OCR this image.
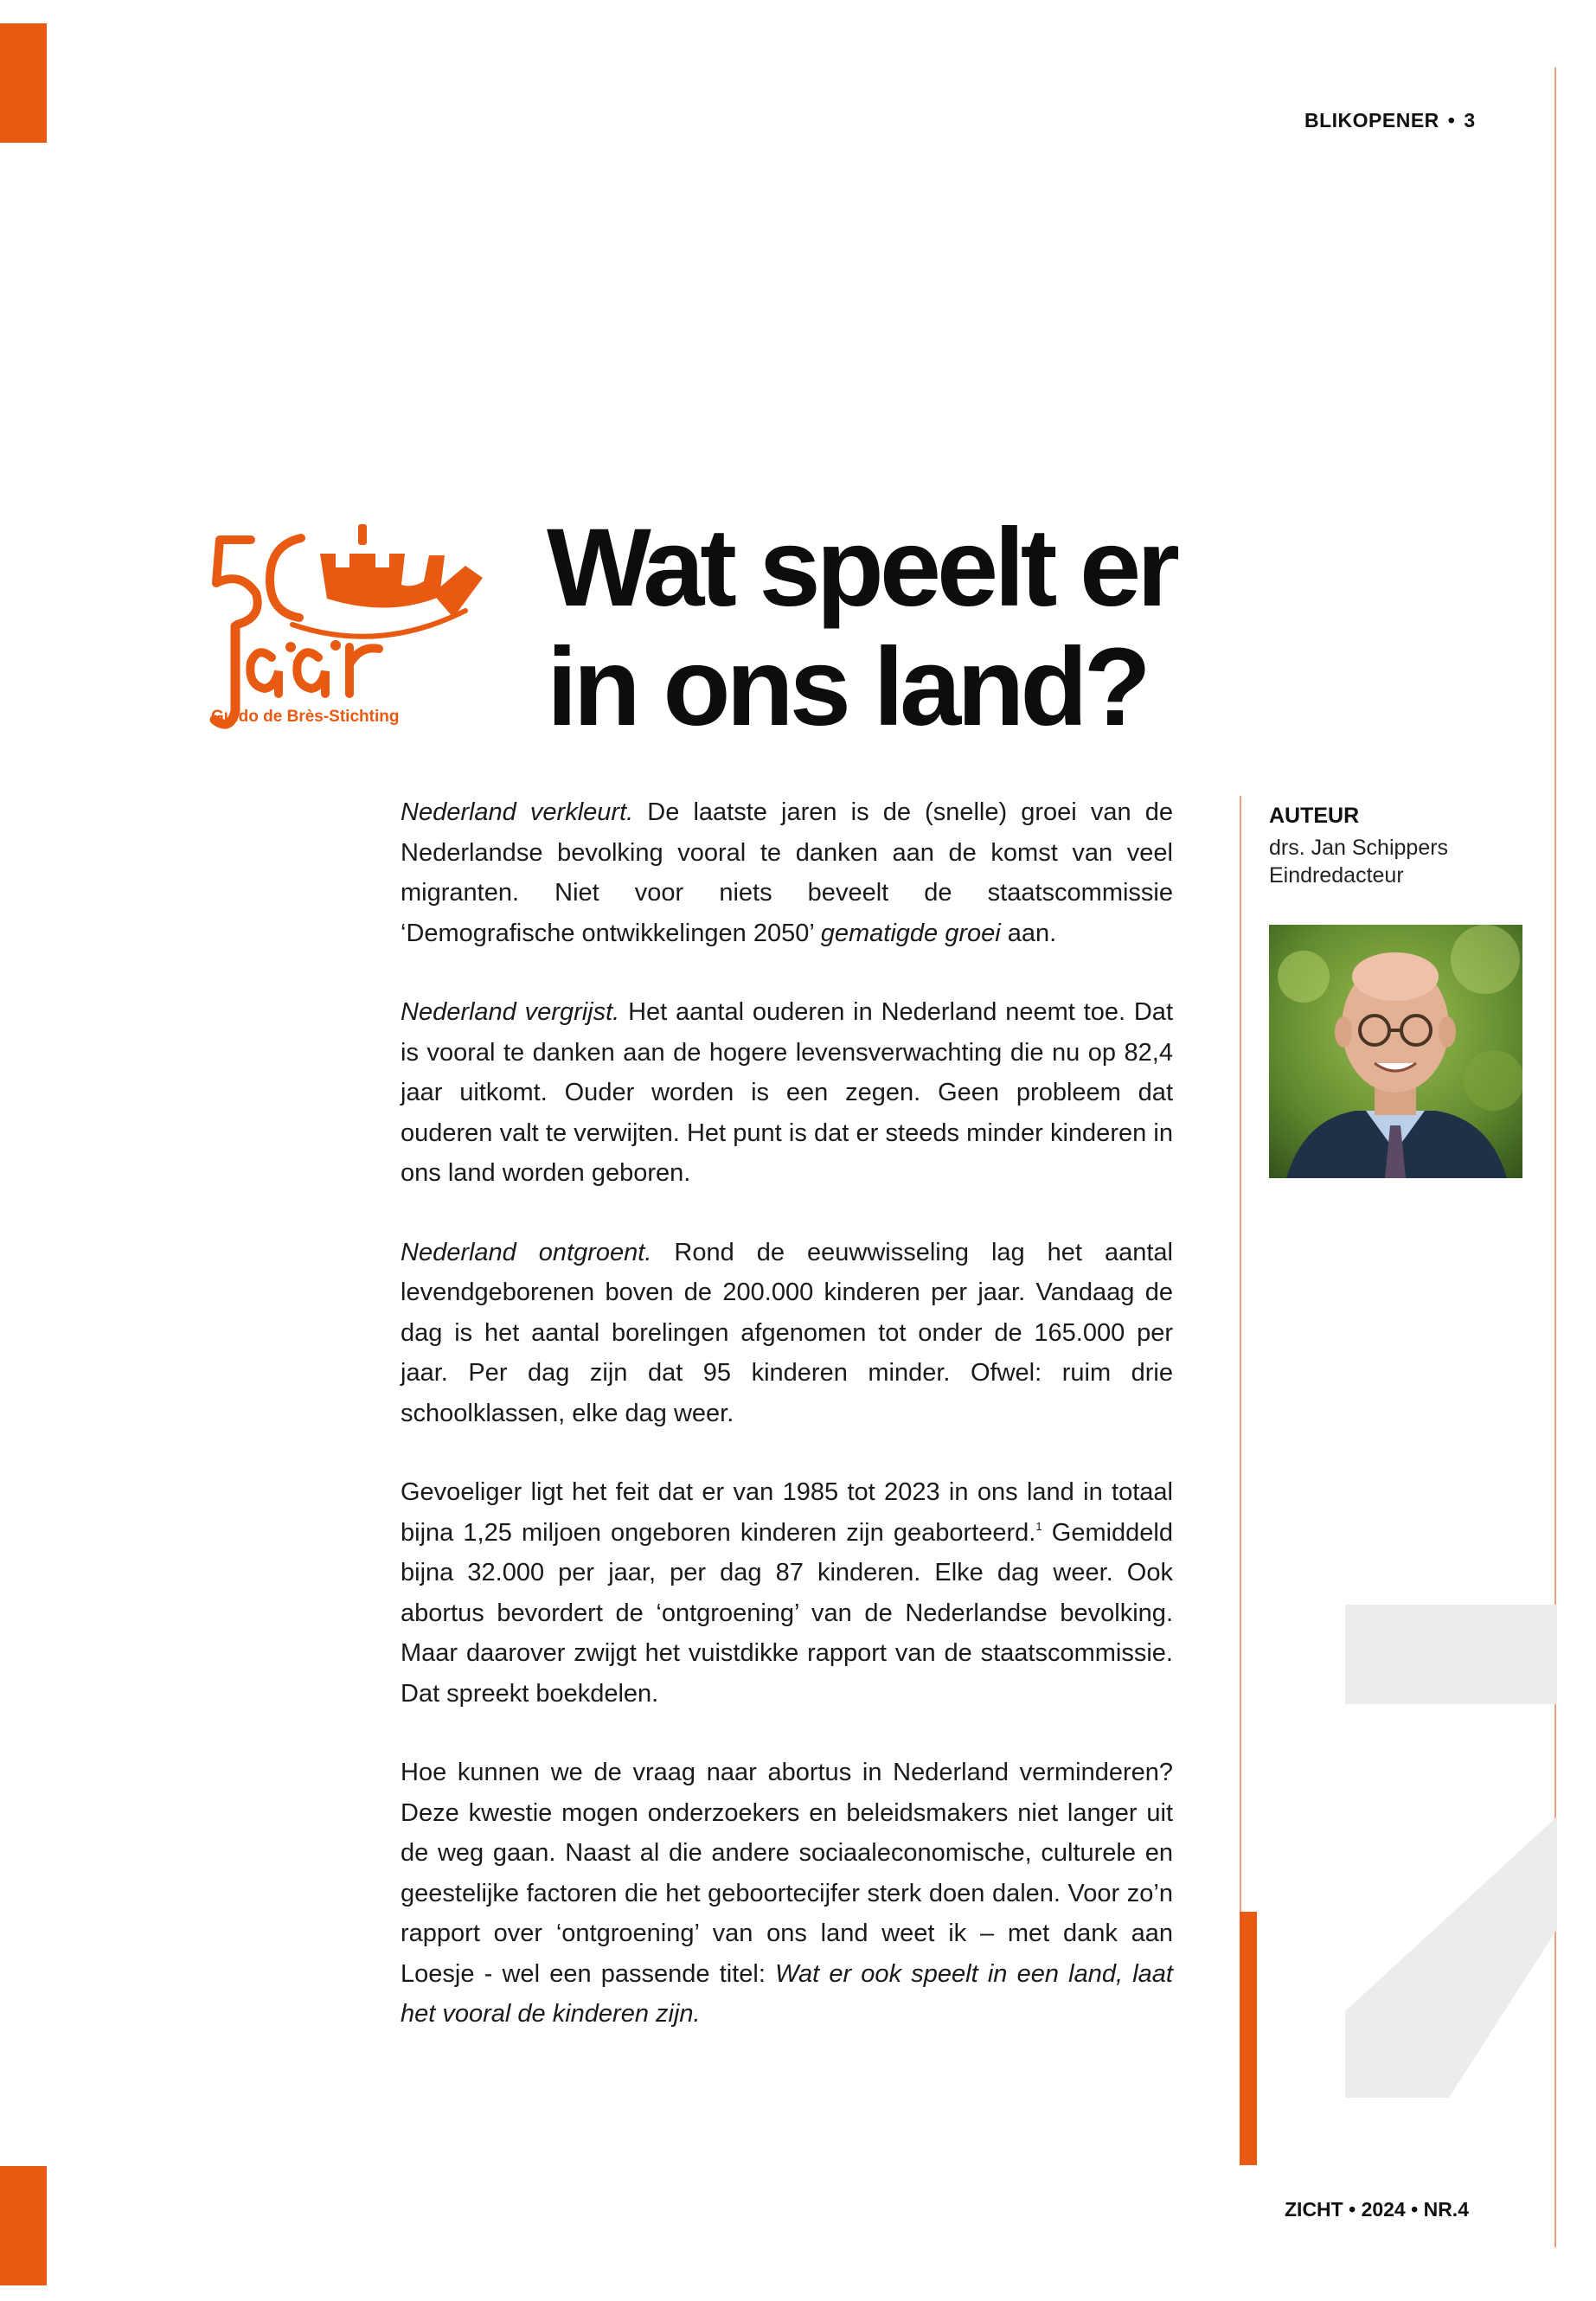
BLIKOPENER • 3
Guido de Brès-Stichting
Wat speelt er
in ons land?

Nederland verkleurt. De laatste jaren is de (snelle) groei van de Nederlandse bevolking vooral te danken aan de komst van veel migranten. Niet voor niets beveelt de staatscommissie ‘Demografische ontwikkelingen 2050’ gematigde groei aan.

Nederland vergrijst. Het aantal ouderen in Nederland neemt toe. Dat is vooral te danken aan de hogere levensverwachting die nu op 82,4 jaar uitkomt. Ouder worden is een zegen. Geen probleem dat ouderen valt te verwijten. Het punt is dat er steeds minder kinderen in ons land worden geboren.

Nederland ontgroent. Rond de eeuwwisseling lag het aantal levendgeborenen boven de 200.000 kinderen per jaar. Vandaag de dag is het aantal borelingen afgenomen tot onder de 165.000 per jaar. Per dag zijn dat 95 kinderen minder. Ofwel: ruim drie schoolklassen, elke dag weer.

Gevoeliger ligt het feit dat er van 1985 tot 2023 in ons land in totaal bijna 1,25 miljoen ongeboren kinderen zijn geaborteerd.$^1$ Gemiddeld bijna 32.000 per jaar, per dag 87 kinderen. Elke dag weer. Ook abortus bevordert de ‘ontgroening’ van de Nederlandse bevolking. Maar daarover zwijgt het vuistdikke rapport van de staatscommissie. Dat spreekt boekdelen.

Hoe kunnen we de vraag naar abortus in Nederland verminderen? Deze kwestie mogen onderzoekers en beleidsmakers niet langer uit de weg gaan. Naast al die andere sociaaleconomische, culturele en geestelijke factoren die het geboortecijfer sterk doen dalen. Voor zo’n rapport over ‘ontgroening’ van ons land weet ik – met dank aan Loesje - wel een passende titel: Wat er ook speelt in een land, laat het vooral de kinderen zijn.

AUTEUR
drs. Jan Schippers
Eindredacteur
ZICHT • 2024 • NR.4
